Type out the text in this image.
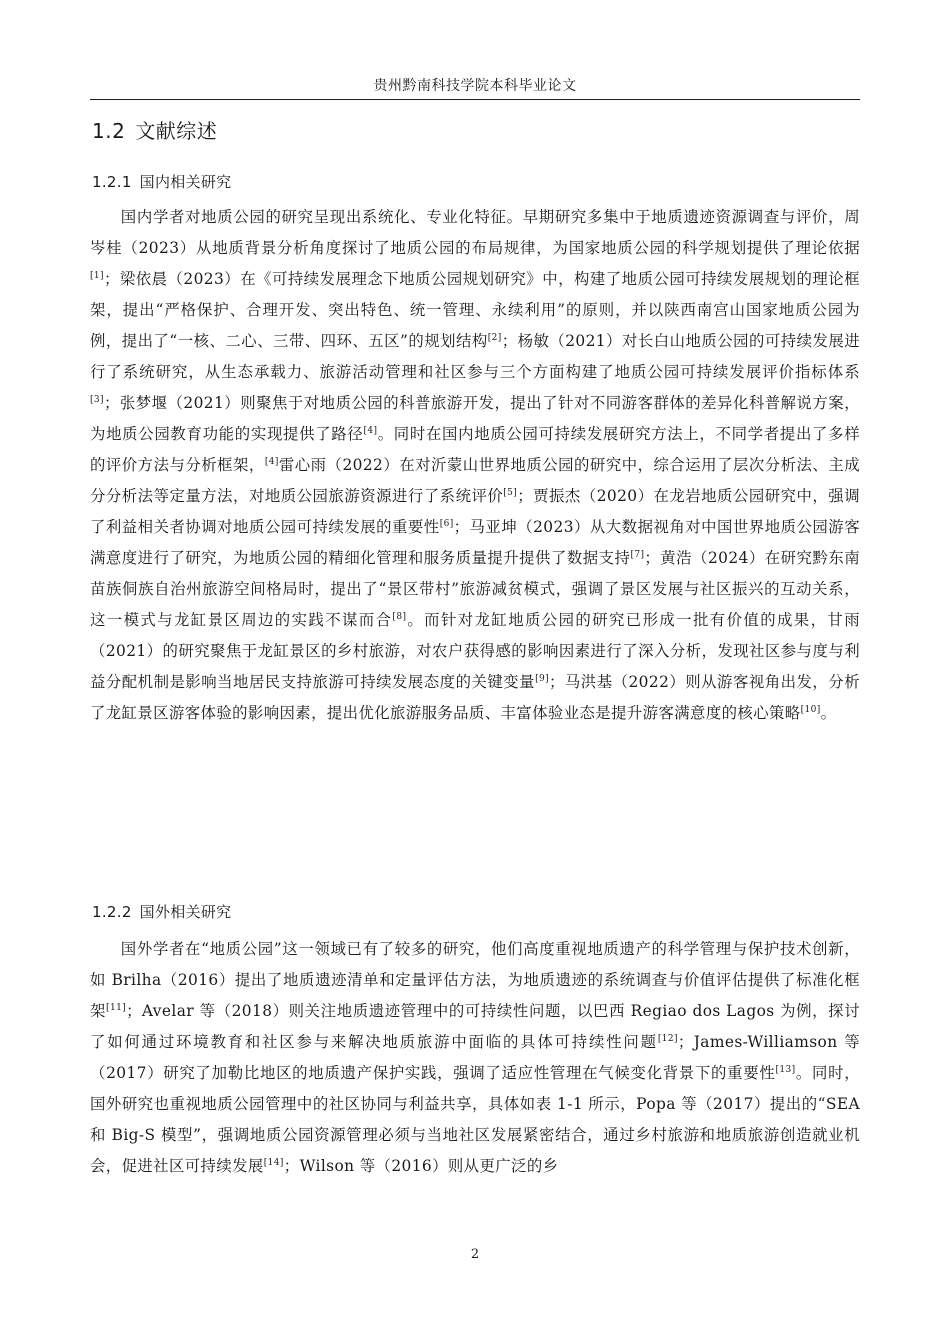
贵州黔南科技学院本科毕业论文
1.2 文献综述
1.2.1 国内相关研究

国内学者对地质公园的研究呈现出系统化、专业化特征。早期研究多集中于地质遗迹资源调查与评价，周岑桂（2023）从地质背景分析角度探讨了地质公园的布局规律，为国家地质公园的科学规划提供了理论依据[1]；梁依晨（2023）在《可持续发展理念下地质公园规划研究》中，构建了地质公园可持续发展规划的理论框架，提出“严格保护、合理开发、突出特色、统一管理、永续利用”的原则，并以陕西南宫山国家地质公园为例，提出了“一核、二心、三带、四环、五区”的规划结构[2]；杨敏（2021）对长白山地质公园的可持续发展进行了系统研究，从生态承载力、旅游活动管理和社区参与三个方面构建了地质公园可持续发展评价指标体系[3]；张梦堰（2021）则聚焦于对地质公园的科普旅游开发，提出了针对不同游客群体的差异化科普解说方案，为地质公园教育功能的实现提供了路径[4]。同时在国内地质公园可持续发展研究方法上，不同学者提出了多样的评价方法与分析框架，[4]雷心雨（2022）在对沂蒙山世界地质公园的研究中，综合运用了层次分析法、主成分分析法等定量方法，对地质公园旅游资源进行了系统评价[5]；贾振杰（2020）在龙岩地质公园研究中，强调了利益相关者协调对地质公园可持续发展的重要性[6]；马亚坤（2023）从大数据视角对中国世界地质公园游客满意度进行了研究，为地质公园的精细化管理和服务质量提升提供了数据支持[7]；黄浩（2024）在研究黔东南苗族侗族自治州旅游空间格局时，提出了“景区带村”旅游减贫模式，强调了景区发展与社区振兴的互动关系，这一模式与龙缸景区周边的实践不谋而合[8]。而针对龙缸地质公园的研究已形成一批有价值的成果，甘雨（2021）的研究聚焦于龙缸景区的乡村旅游，对农户获得感的影响因素进行了深入分析，发现社区参与度与利益分配机制是影响当地居民支持旅游可持续发展态度的关键变量[9]；马洪基（2022）则从游客视角出发，分析了龙缸景区游客体验的影响因素，提出优化旅游服务品质、丰富体验业态是提升游客满意度的核心策略[10]。

1.2.2 国外相关研究

国外学者在“地质公园”这一领域已有了较多的研究，他们高度重视地质遗产的科学管理与保护技术创新，如 Brilha（2016）提出了地质遗迹清单和定量评估方法，为地质遗迹的系统调查与价值评估提供了标准化框架[11]；Avelar 等（2018）则关注地质遗迹管理中的可持续性问题，以巴西 Regiao dos Lagos 为例，探讨了如何通过环境教育和社区参与来解决地质旅游中面临的具体可持续性问题[12]；James-Williamson 等（2017）研究了加勒比地区的地质遗产保护实践，强调了适应性管理在气候变化背景下的重要性[13]。同时，国外研究也重视地质公园管理中的社区协同与利益共享，具体如表 1-1 所示，Popa 等（2017）提出的“SEA 和 Big-S 模型”，强调地质公园资源管理必须与当地社区发展紧密结合，通过乡村旅游和地质旅游创造就业机会，促进社区可持续发展[14]；Wilson 等（2016）则从更广泛的乡

2
